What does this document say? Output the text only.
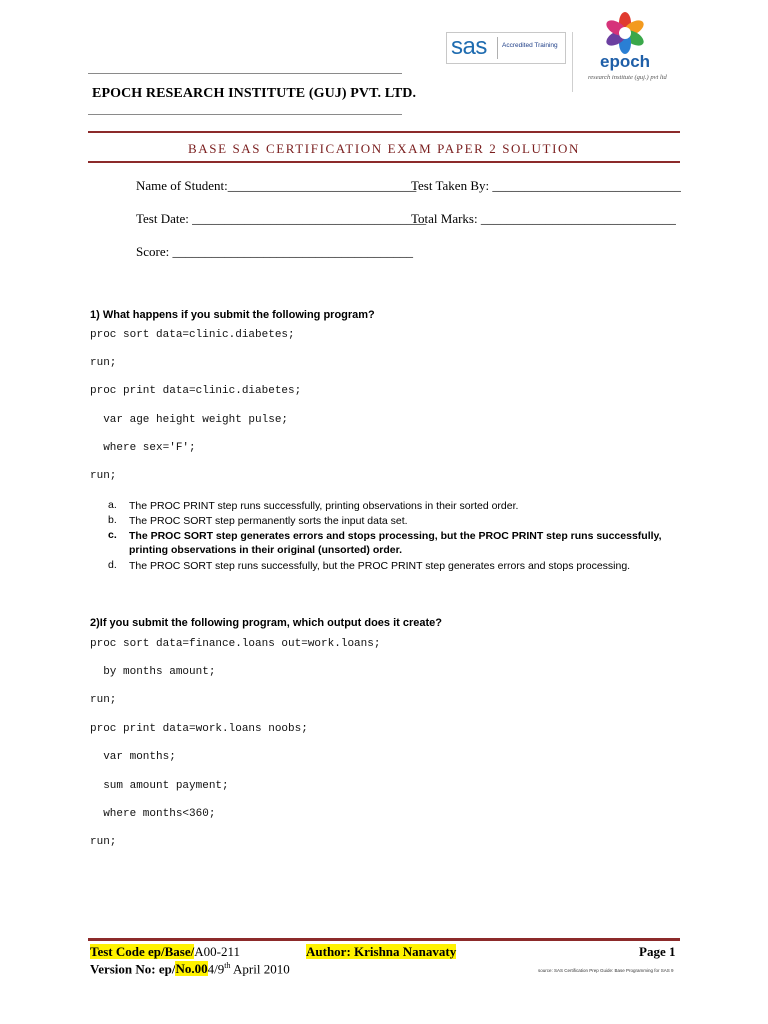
sas Accredited Training
epoch
research institute (guj.) pvt ltd
EPOCH RESEARCH INSTITUTE (GUJ) PVT. LTD.
BASE SAS CERTIFICATION EXAM PAPER 2 SOLUTION
Name of Student:_____________________________
Test Taken By: _____________________________
Test Date: ____________________________________
Total Marks: ______________________________
Score: _____________________________________
1) What happens if you submit the following program?
proc sort data=clinic.diabetes;
run;
proc print data=clinic.diabetes;
var age height weight pulse;
where sex='F';
run;
a. The PROC PRINT step runs successfully, printing observations in their sorted order.
b. The PROC SORT step permanently sorts the input data set.
c. The PROC SORT step generates errors and stops processing, but the PROC PRINT step runs successfully, printing observations in their original (unsorted) order.
d. The PROC SORT step runs successfully, but the PROC PRINT step generates errors and stops processing.
2)If you submit the following program, which output does it create?
proc sort data=finance.loans out=work.loans;
by months amount;
run;
proc print data=work.loans noobs;
var months;
sum amount payment;
where months<360;
run;
Test Code ep/Base/A00-211	Author: Krishna Nanavaty	Page 1
Version No: ep/No.004/9th April 2010	source: SAS Certification Prep Guide: Base Programming for SAS 9
